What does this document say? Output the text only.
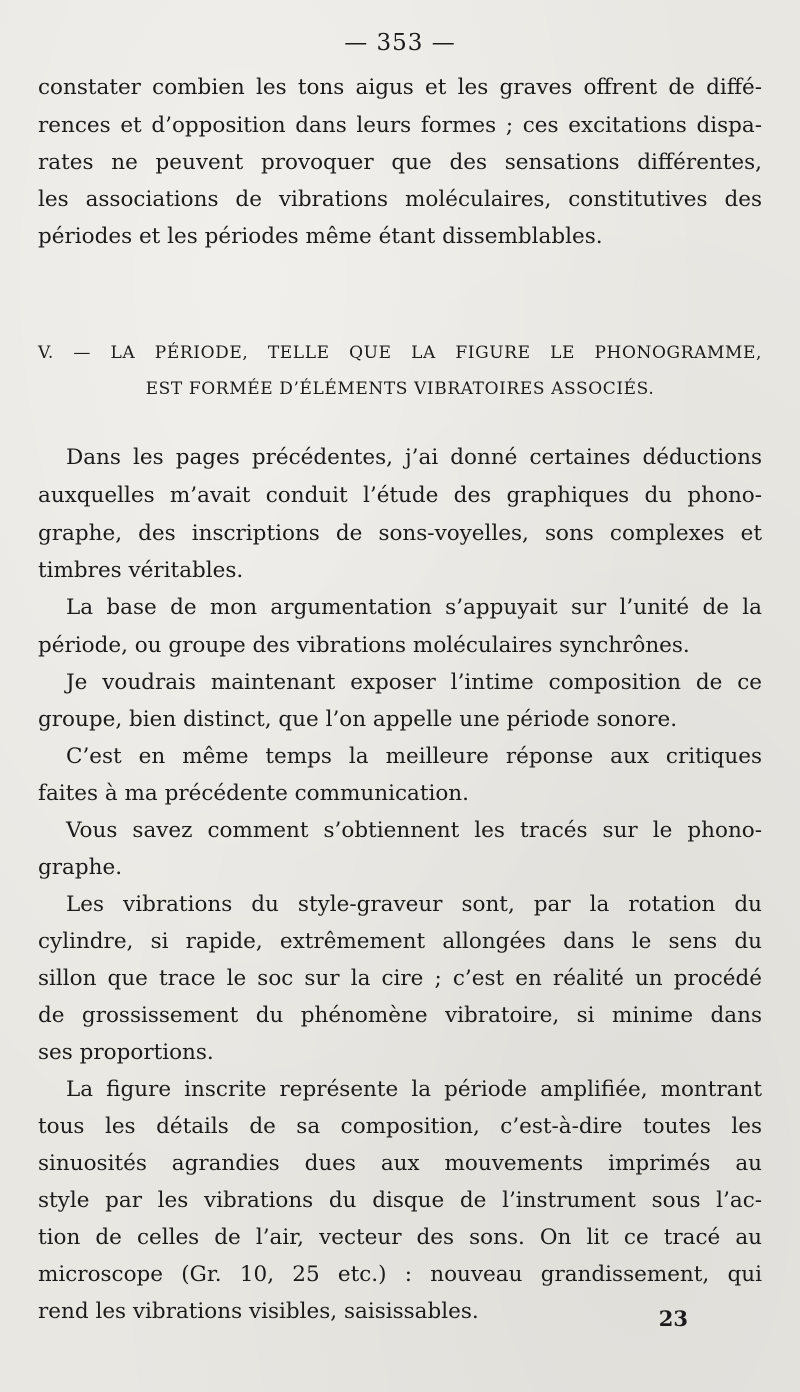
— 353 —
constater combien les tons aigus et les graves offrent de diffé-
rences et d’opposition dans leurs formes ; ces excitations dispa-
rates ne peuvent provoquer que des sensations différentes,
les associations de vibrations moléculaires, constitutives des
périodes et les périodes même étant dissemblables.
V. — LA PÉRIODE, TELLE QUE LA FIGURE LE PHONOGRAMME,
EST FORMÉE D’ÉLÉMENTS VIBRATOIRES ASSOCIÉS.
Dans les pages précédentes, j’ai donné certaines déductions
auxquelles m’avait conduit l’étude des graphiques du phono-
graphe, des inscriptions de sons-voyelles, sons complexes et
timbres véritables.
La base de mon argumentation s’appuyait sur l’unité de la
période, ou groupe des vibrations moléculaires synchrônes.
Je voudrais maintenant exposer l’intime composition de ce
groupe, bien distinct, que l’on appelle une période sonore.
C’est en même temps la meilleure réponse aux critiques
faites à ma précédente communication.
Vous savez comment s’obtiennent les tracés sur le phono-
graphe.
Les vibrations du style-graveur sont, par la rotation du
cylindre, si rapide, extrêmement allongées dans le sens du
sillon que trace le soc sur la cire ; c’est en réalité un procédé
de grossissement du phénomène vibratoire, si minime dans
ses proportions.
La figure inscrite représente la période amplifiée, montrant
tous les détails de sa composition, c’est-à-dire toutes les
sinuosités agrandies dues aux mouvements imprimés au
style par les vibrations du disque de l’instrument sous l’ac-
tion de celles de l’air, vecteur des sons. On lit ce tracé au
microscope (Gr. 10, 25 etc.) : nouveau grandissement, qui
rend les vibrations visibles, saisissables.	23
